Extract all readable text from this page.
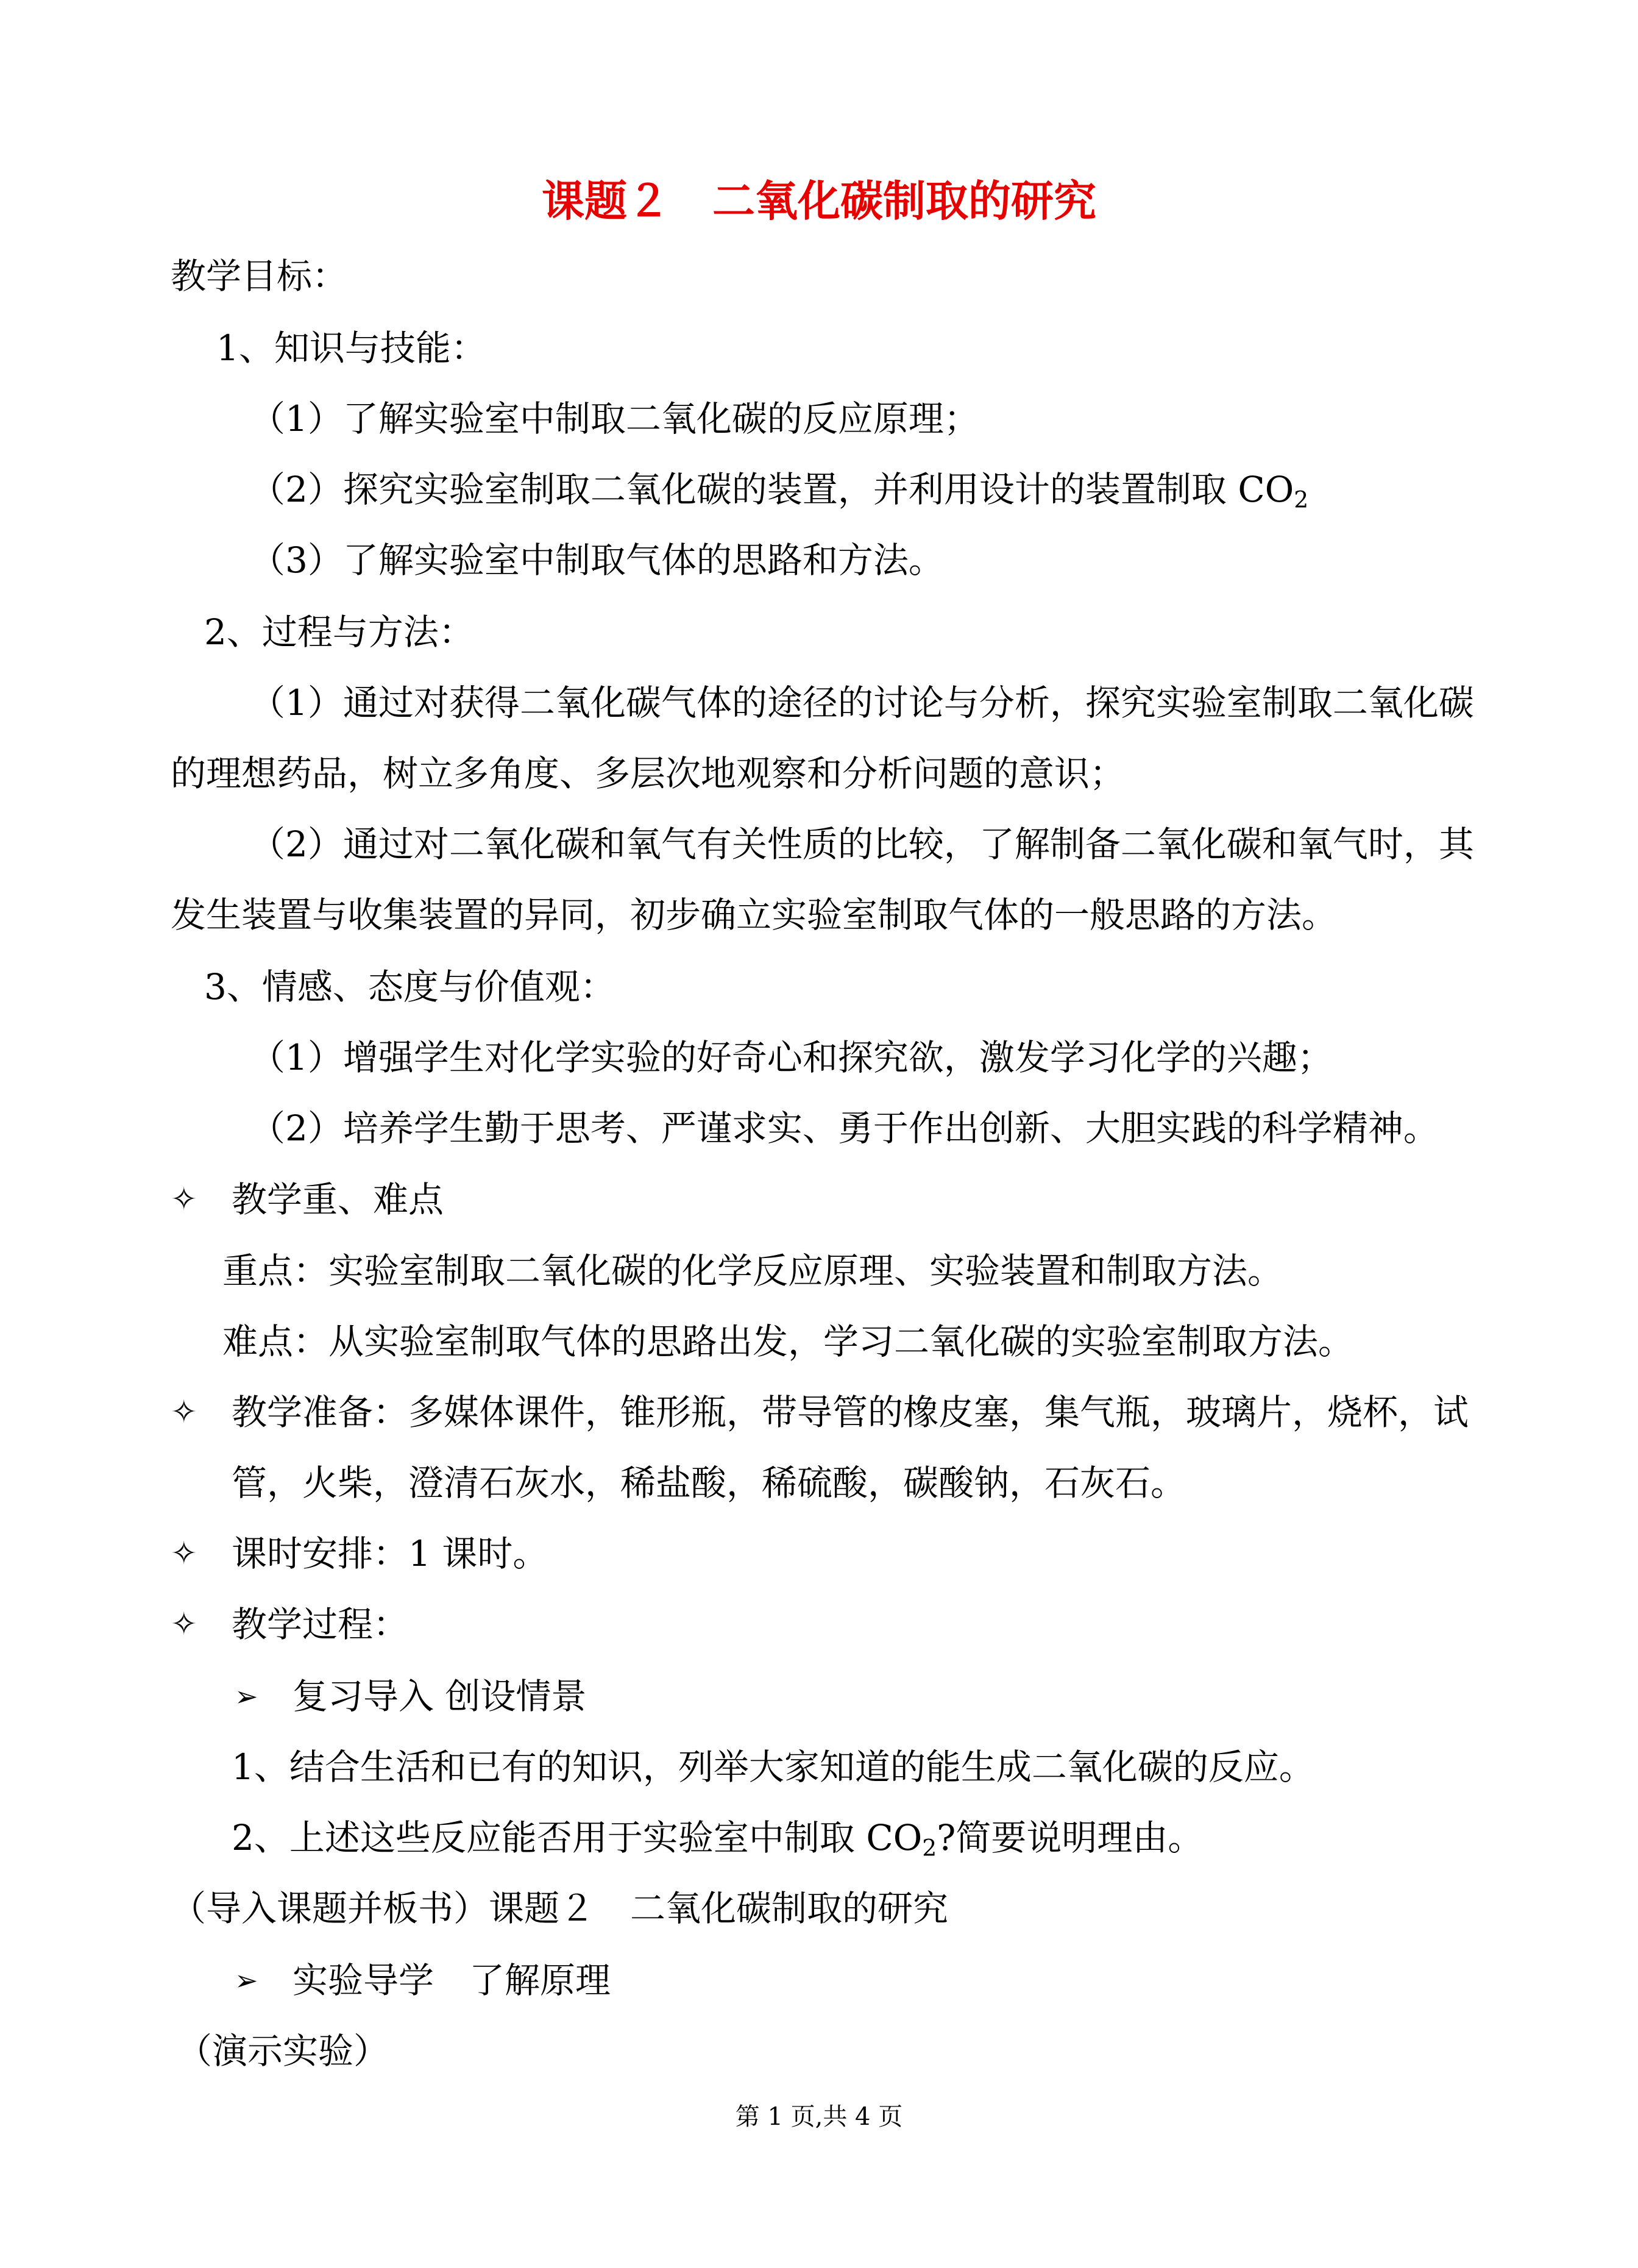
课题２　二氧化碳制取的研究
教学目标：
1、知识与技能：
（1）了解实验室中制取二氧化碳的反应原理；
（2）探究实验室制取二氧化碳的装置，并利用设计的装置制取 $CO_2$
（3）了解实验室中制取气体的思路和方法。
2、过程与方法：
（1）通过对获得二氧化碳气体的途径的讨论与分析，探究实验室制取二氧化碳
的理想药品，树立多角度、多层次地观察和分析问题的意识；
（2）通过对二氧化碳和氧气有关性质的比较，了解制备二氧化碳和氧气时，其
发生装置与收集装置的异同，初步确立实验室制取气体的一般思路的方法。
3、情感、态度与价值观：
（1）增强学生对化学实验的好奇心和探究欲，激发学习化学的兴趣；
（2）培养学生勤于思考、严谨求实、勇于作出创新、大胆实践的科学精神。
✧ 教学重、难点
重点：实验室制取二氧化碳的化学反应原理、实验装置和制取方法。
难点：从实验室制取气体的思路出发，学习二氧化碳的实验室制取方法。
✧ 教学准备：多媒体课件，锥形瓶，带导管的橡皮塞，集气瓶，玻璃片，烧杯，试
管，火柴，澄清石灰水，稀盐酸，稀硫酸，碳酸钠，石灰石。
✧ 课时安排：1 课时。
✧ 教学过程：
➢ 复习导入 创设情景
1、结合生活和已有的知识，列举大家知道的能生成二氧化碳的反应。
2、上述这些反应能否用于实验室中制取 $CO_2$?简要说明理由。
（导入课题并板书）课题２　二氧化碳制取的研究
➢ 实验导学　了解原理
（演示实验）
第 1 页,共 4 页
